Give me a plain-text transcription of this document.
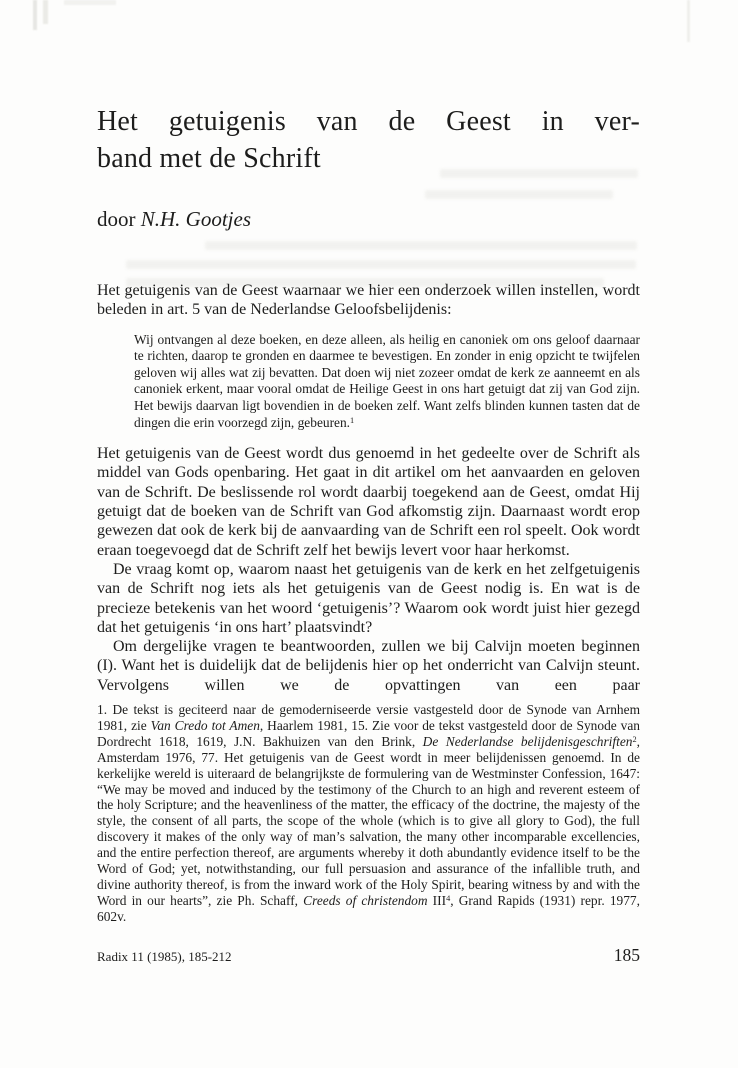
Het getuigenis van de Geest in ver-
band met de Schrift
door N.H. Gootjes

Het getuigenis van de Geest waarnaar we hier een onderzoek willen instellen, wordt beleden in art. 5 van de Nederlandse Geloofsbelijdenis:

Wij ontvangen al deze boeken, en deze alleen, als heilig en canoniek om ons geloof daarnaar te richten, daarop te gronden en daarmee te bevestigen. En zonder in enig opzicht te twijfelen geloven wij alles wat zij bevatten. Dat doen wij niet zozeer omdat de kerk ze aanneemt en als canoniek erkent, maar vooral omdat de Heilige Geest in ons hart getuigt dat zij van God zijn. Het bewijs daarvan ligt bovendien in de boeken zelf. Want zelfs blinden kunnen tasten dat de dingen die erin voorzegd zijn, gebeuren.$^1$

Het getuigenis van de Geest wordt dus genoemd in het gedeelte over de Schrift als middel van Gods openbaring. Het gaat in dit artikel om het aanvaarden en geloven van de Schrift. De beslissende rol wordt daarbij toegekend aan de Geest, omdat Hij getuigt dat de boeken van de Schrift van God afkomstig zijn. Daarnaast wordt erop gewezen dat ook de kerk bij de aanvaarding van de Schrift een rol speelt. Ook wordt eraan toegevoegd dat de Schrift zelf het bewijs levert voor haar herkomst.

De vraag komt op, waarom naast het getuigenis van de kerk en het zelfgetuigenis van de Schrift nog iets als het getuigenis van de Geest nodig is. En wat is de precieze betekenis van het woord ‘getuigenis’? Waarom ook wordt juist hier gezegd dat het getuigenis ‘in ons hart’ plaatsvindt?

Om dergelijke vragen te beantwoorden, zullen we bij Calvijn moeten beginnen (I). Want het is duidelijk dat de belijdenis hier op het onderricht van Calvijn steunt. Vervolgens willen we de opvattingen van een paar

1. De tekst is geciteerd naar de gemoderniseerde versie vastgesteld door de Synode van Arnhem 1981, zie Van Credo tot Amen, Haarlem 1981, 15. Zie voor de tekst vastgesteld door de Synode van Dordrecht 1618, 1619, J.N. Bakhuizen van den Brink, De Nederlandse belijdenisgeschriften$^2$, Amsterdam 1976, 77. Het getuigenis van de Geest wordt in meer belijdenissen genoemd. In de kerkelijke wereld is uiteraard de belangrijkste de formulering van de Westminster Confession, 1647: “We may be moved and induced by the testimony of the Church to an high and reverent esteem of the holy Scripture; and the heavenliness of the matter, the efficacy of the doctrine, the majesty of the style, the consent of all parts, the scope of the whole (which is to give all glory to God), the full discovery it makes of the only way of man’s salvation, the many other incomparable excellencies, and the entire perfection thereof, are arguments whereby it doth abundantly evidence itself to be the Word of God; yet, notwithstanding, our full persuasion and assurance of the infallible truth, and divine authority thereof, is from the inward work of the Holy Spirit, bearing witness by and with the Word in our hearts”, zie Ph. Schaff, Creeds of christendom III$^4$, Grand Rapids (1931) repr. 1977, 602v.
Radix 11 (1985), 185-212	185
